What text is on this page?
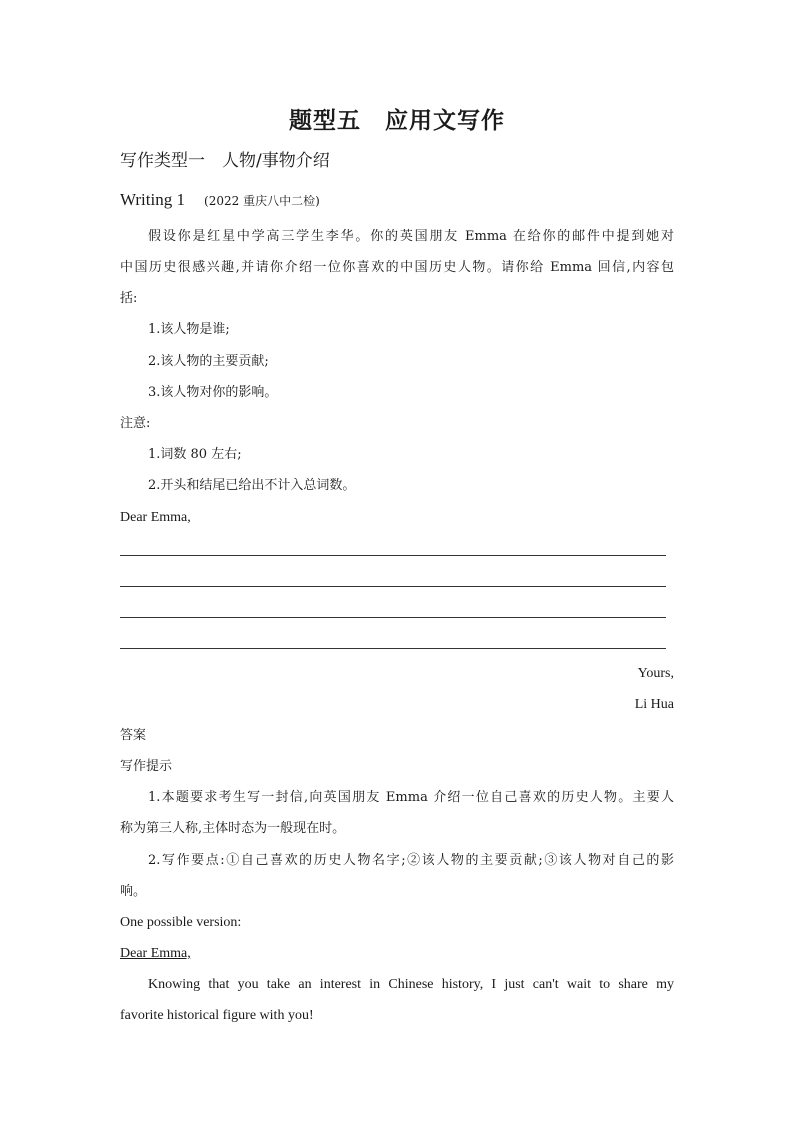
题型五　应用文写作
写作类型一　人物/事物介绍
Writing 1 (2022 重庆八中二检)
假设你是红星中学高三学生李华。你的英国朋友 Emma 在给你的邮件中提到她对
中国历史很感兴趣,并请你介绍一位你喜欢的中国历史人物。请你给 Emma 回信,内容包
括:
1.该人物是谁;
2.该人物的主要贡献;
3.该人物对你的影响。
注意:
1.词数 80 左右;
2.开头和结尾已给出不计入总词数。
Dear Emma,
Yours,
Li Hua
答案
写作提示
1.本题要求考生写一封信,向英国朋友 Emma 介绍一位自己喜欢的历史人物。主要人
称为第三人称,主体时态为一般现在时。
2.写作要点:①自己喜欢的历史人物名字;②该人物的主要贡献;③该人物对自己的影
响。
One possible version:
Dear Emma,
Knowing that you take an interest in Chinese history, I just can't wait to share my
favorite historical figure with you!
